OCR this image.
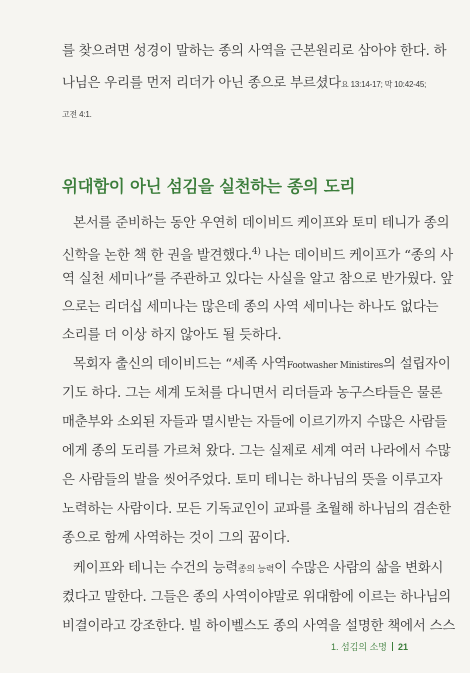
를 찾으려면 성경이 말하는 종의 사역을 근본원리로 삼아야 한다. 하
나님은 우리를 먼저 리더가 아닌 종으로 부르셨다요 13:14-17; 막 10:42-45;
고전 4:1.
위대함이 아닌 섬김을 실천하는 종의 도리
본서를 준비하는 동안 우연히 데이비드 케이프와 토미 테니가 종의
신학을 논한 책 한 권을 발견했다.$^{4)}$ 나는 데이비드 케이프가 “종의 사
역 실천 세미나”를 주관하고 있다는 사실을 알고 참으로 반가웠다. 앞
으로는 리더십 세미나는 많은데 종의 사역 세미나는 하나도 없다는
소리를 더 이상 하지 않아도 될 듯하다.
목회자 출신의 데이비드는 “세족 사역Footwasher Ministires의 설립자이
기도 하다. 그는 세계 도처를 다니면서 리더들과 농구스타들은 물론
매춘부와 소외된 자들과 멸시받는 자들에 이르기까지 수많은 사람들
에게 종의 도리를 가르쳐 왔다. 그는 실제로 세계 여러 나라에서 수많
은 사람들의 발을 씻어주었다. 토미 테니는 하나님의 뜻을 이루고자
노력하는 사람이다. 모든 기독교인이 교파를 초월해 하나님의 겸손한
종으로 함께 사역하는 것이 그의 꿈이다.
케이프와 테니는 수건의 능력종의 능력이 수많은 사람의 삶을 변화시
켰다고 말한다. 그들은 종의 사역이야말로 위대함에 이르는 하나님의
비결이라고 강조한다. 빌 하이벨스도 종의 사역을 설명한 책에서 스스
1. 섬김의 소명 21
